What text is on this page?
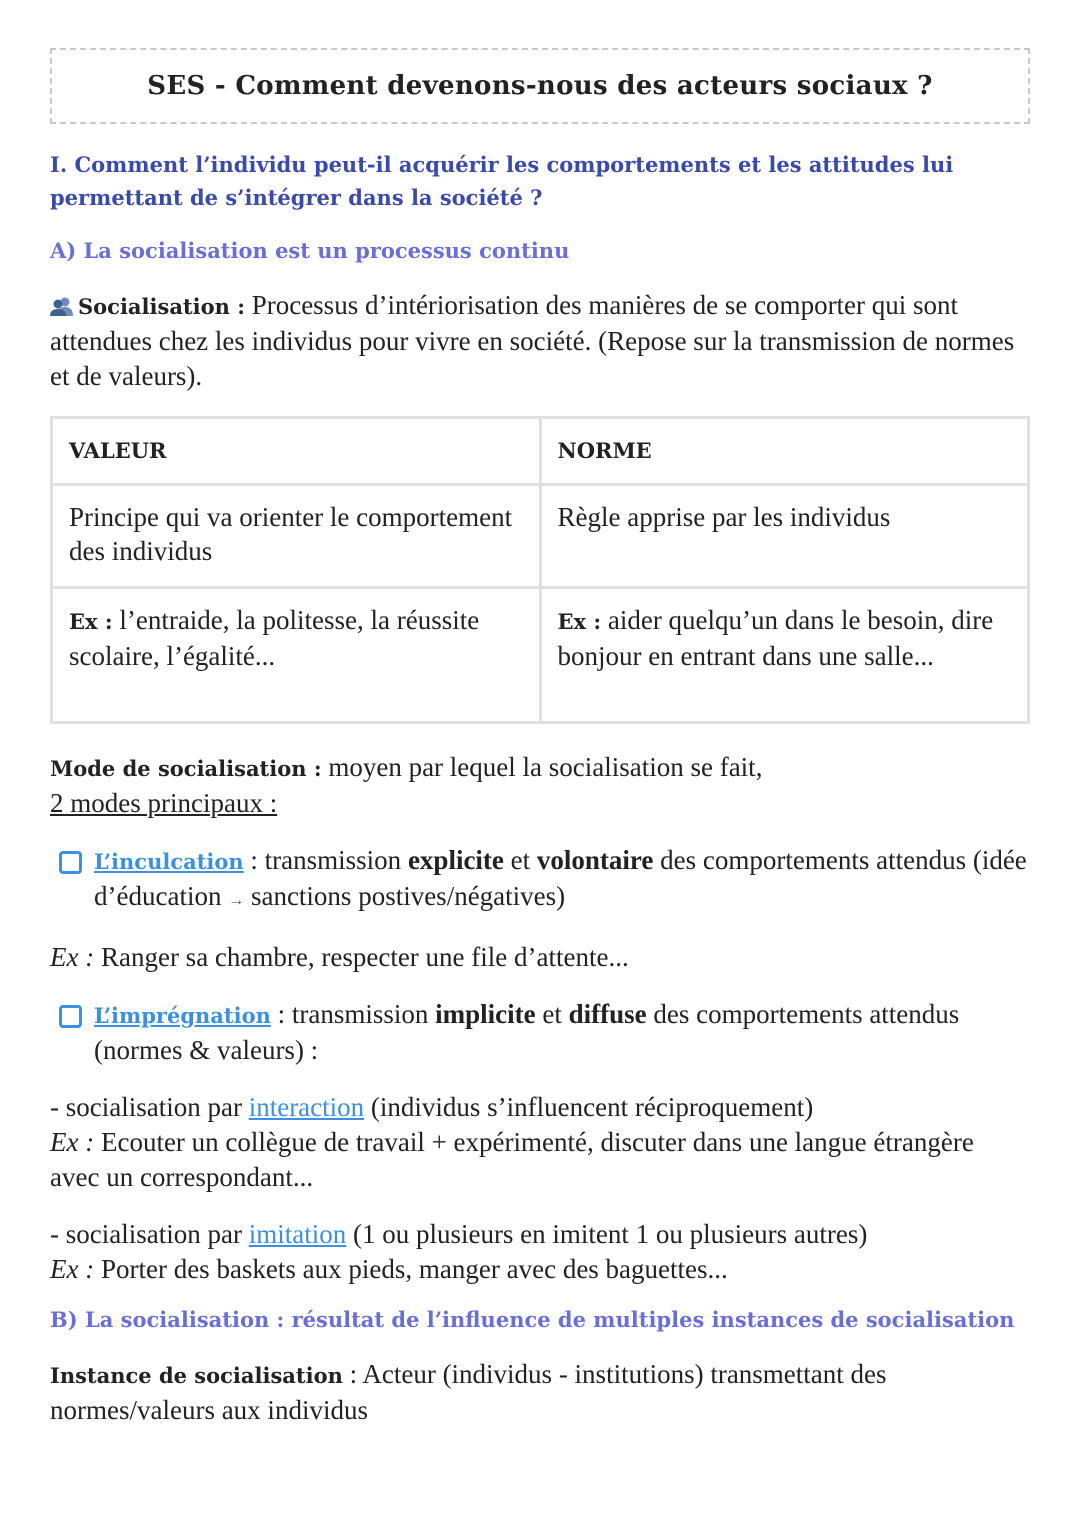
SES - Comment devenons-nous des acteurs sociaux ?
I. Comment l’individu peut-il acquérir les comportements et les attitudes lui permettant de s’intégrer dans la société ?
A) La socialisation est un processus continu
Socialisation : Processus d’intériorisation des manières de se comporter qui sont attendues chez les individus pour vivre en société. (Repose sur la transmission de normes et de valeurs).
VALEUR	NORME
Principe qui va orienter le comportement des individus	Règle apprise par les individus
Ex : l’entraide, la politesse, la réussite scolaire, l’égalité...	Ex : aider quelqu’un dans le besoin, dire bonjour en entrant dans une salle...
Mode de socialisation : moyen par lequel la socialisation se fait,
2 modes principaux :
L’inculcation : transmission explicite et volontaire des comportements attendus (idée d’éducation → sanctions postives/négatives)
Ex : Ranger sa chambre, respecter une file d’attente...
L’imprégnation : transmission implicite et diffuse des comportements attendus (normes & valeurs) :
- socialisation par interaction (individus s’influencent réciproquement)
Ex : Ecouter un collègue de travail + expérimenté, discuter dans une langue étrangère avec un correspondant...
- socialisation par imitation (1 ou plusieurs en imitent 1 ou plusieurs autres)
Ex : Porter des baskets aux pieds, manger avec des baguettes...
B) La socialisation : résultat de l’influence de multiples instances de socialisation
Instance de socialisation : Acteur (individus - institutions) transmettant des normes/valeurs aux individus
